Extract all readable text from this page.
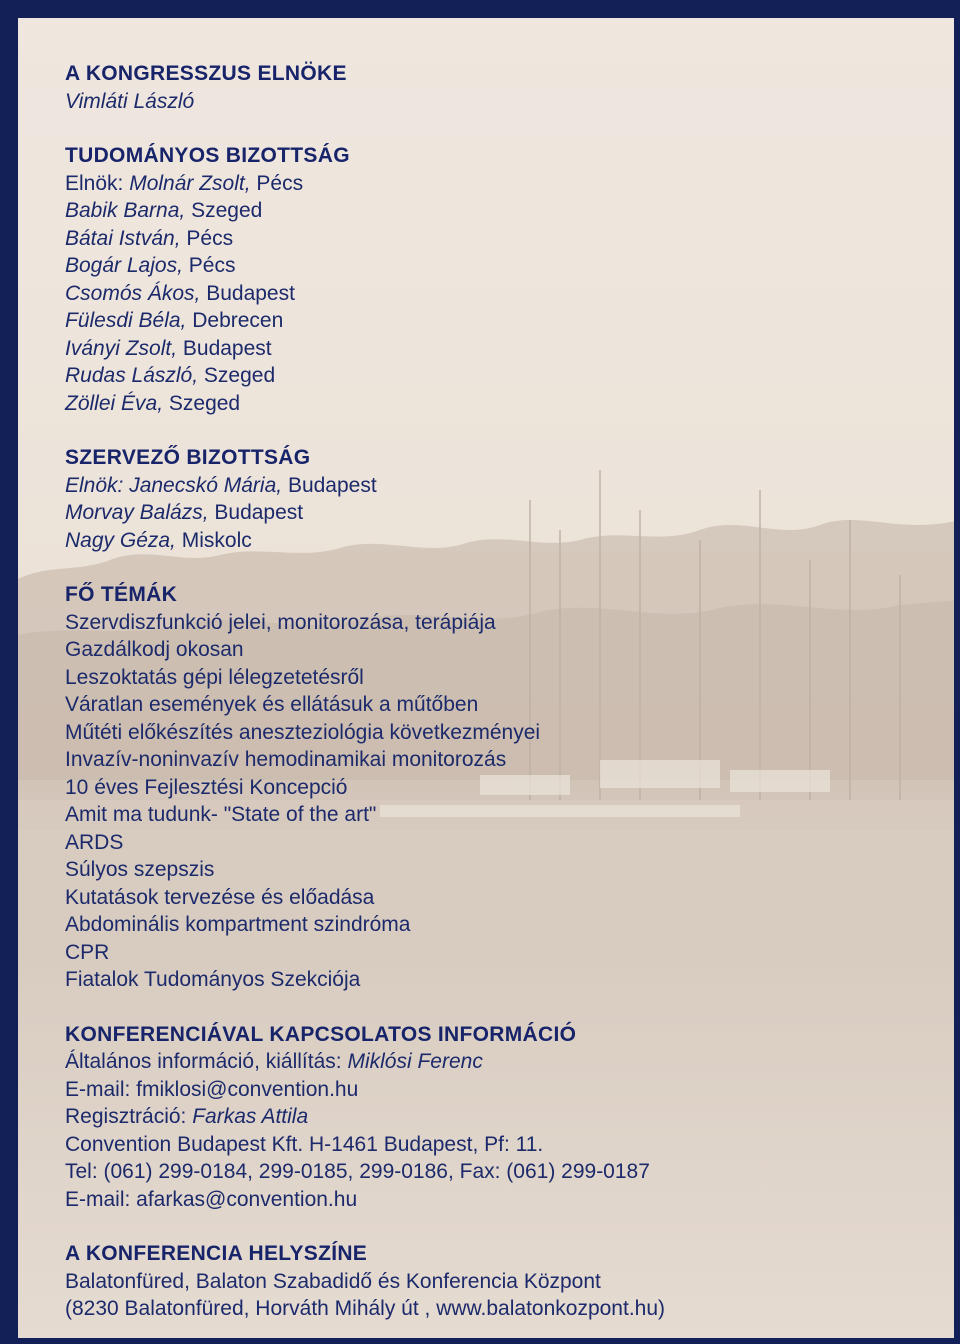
A KONGRESSZUS ELNÖKE
Vimláti László
TUDOMÁNYOS BIZOTTSÁG
Elnök: Molnár Zsolt, Pécs
Babik Barna, Szeged
Bátai István, Pécs
Bogár Lajos, Pécs
Csomós Ákos, Budapest
Fülesdi Béla, Debrecen
Iványi Zsolt, Budapest
Rudas László, Szeged
Zöllei Éva, Szeged
SZERVEZŐ BIZOTTSÁG
Elnök: Janecskó Mária, Budapest
Morvay Balázs, Budapest
Nagy Géza, Miskolc
FŐ TÉMÁK
Szervdiszfunkció jelei, monitorozása, terápiája
Gazdálkodj okosan
Leszoktatás gépi lélegzetetésről
Váratlan események és ellátásuk a műtőben
Műtéti előkészítés aneszteziológia következményei
Invazív-noninvazív hemodinamikai monitorozás
10 éves Fejlesztési Koncepció
Amit ma tudunk- "State of the art"
ARDS
Súlyos szepszis
Kutatások tervezése és előadása
Abdominális kompartment szindróma
CPR
Fiatalok Tudományos Szekciója
KONFERENCIÁVAL KAPCSOLATOS INFORMÁCIÓ
Általános információ, kiállítás: Miklósi Ferenc
E-mail: fmiklosi@convention.hu
Regisztráció: Farkas Attila
Convention Budapest Kft. H-1461 Budapest, Pf: 11.
Tel: (061) 299-0184, 299-0185, 299-0186, Fax: (061) 299-0187
E-mail: afarkas@convention.hu
A KONFERENCIA HELYSZÍNE
Balatonfüred, Balaton Szabadidő és Konferencia Központ
(8230 Balatonfüred, Horváth Mihály út , www.balatonkozpont.hu)
